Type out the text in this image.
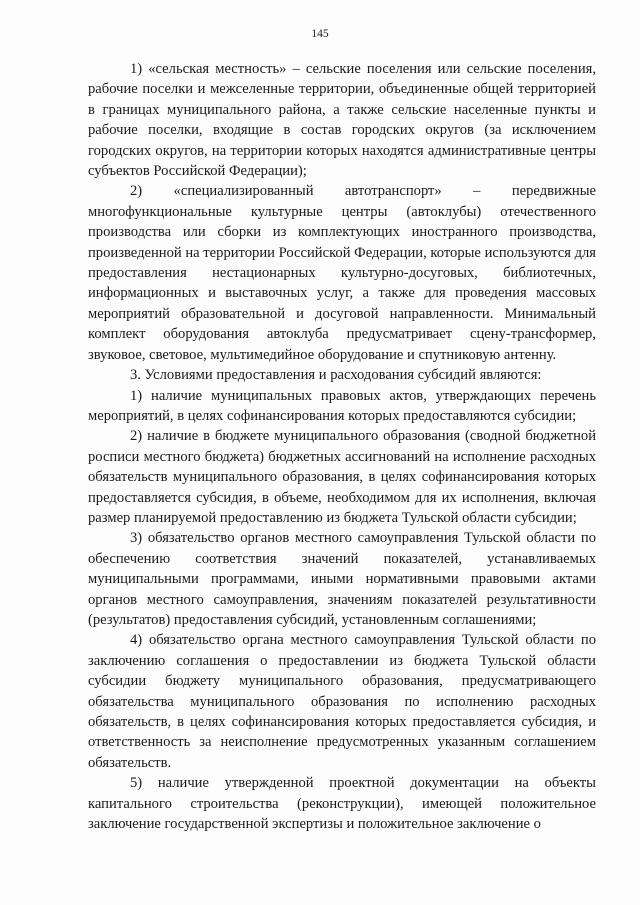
145

1) «сельская местность» – сельские поселения или сельские поселения, рабочие поселки и межселенные территории, объединенные общей территорией в границах муниципального района, а также сельские населенные пункты и рабочие поселки, входящие в состав городских округов (за исключением городских округов, на территории которых находятся административные центры субъектов Российской Федерации);

2) «специализированный автотранспорт» – передвижные многофункциональные культурные центры (автоклубы) отечественного производства или сборки из комплектующих иностранного производства, произведенной на территории Российской Федерации, которые используются для предоставления нестационарных культурно-досуговых, библиотечных, информационных и выставочных услуг, а также для проведения массовых мероприятий образовательной и досуговой направленности. Минимальный комплект оборудования автоклуба предусматривает сцену-трансформер, звуковое, световое, мультимедийное оборудование и спутниковую антенну.

3. Условиями предоставления и расходования субсидий являются:

1) наличие муниципальных правовых актов, утверждающих перечень мероприятий, в целях софинансирования которых предоставляются субсидии;

2) наличие в бюджете муниципального образования (сводной бюджетной росписи местного бюджета) бюджетных ассигнований на исполнение расходных обязательств муниципального образования, в целях софинансирования которых предоставляется субсидия, в объеме, необходимом для их исполнения, включая размер планируемой предоставлению из бюджета Тульской области субсидии;

3) обязательство органов местного самоуправления Тульской области по обеспечению соответствия значений показателей, устанавливаемых муниципальными программами, иными нормативными правовыми актами органов местного самоуправления, значениям показателей результативности (результатов) предоставления субсидий, установленным соглашениями;

4) обязательство органа местного самоуправления Тульской области по заключению соглашения о предоставлении из бюджета Тульской области субсидии бюджету муниципального образования, предусматривающего обязательства муниципального образования по исполнению расходных обязательств, в целях софинансирования которых предоставляется субсидия, и ответственность за неисполнение предусмотренных указанным соглашением обязательств.

5) наличие утвержденной проектной документации на объекты капитального строительства (реконструкции), имеющей положительное заключение государственной экспертизы и положительное заключение о
